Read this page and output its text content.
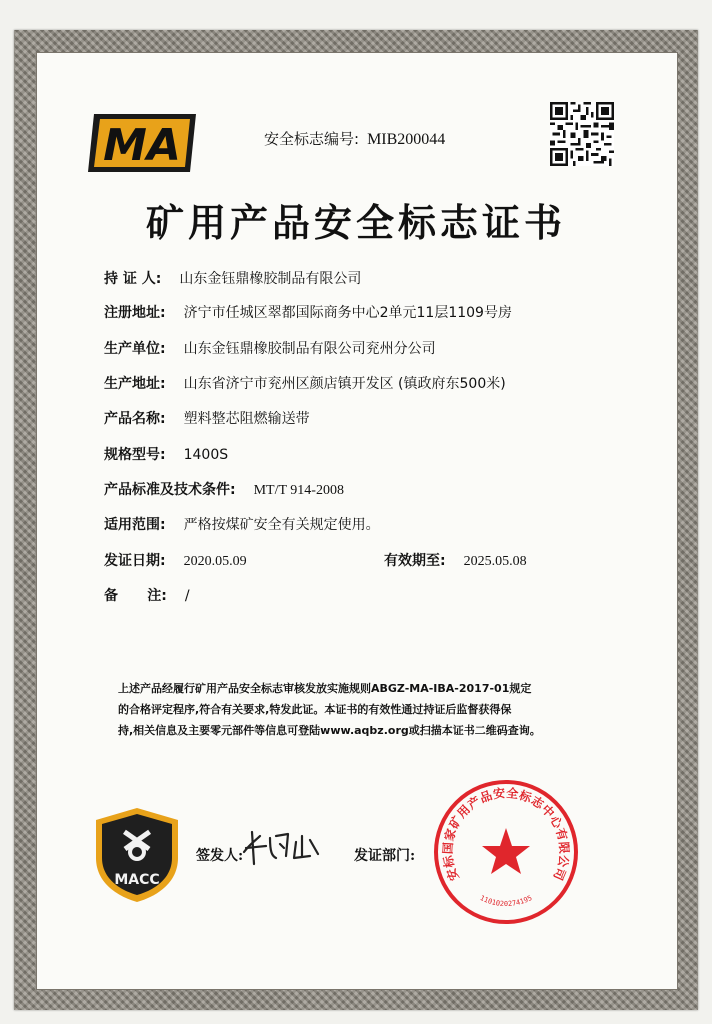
MA	安全标志编号: MIB200044
矿用产品安全标志证书
持 证 人: 山东金钰鼎橡胶制品有限公司
注册地址: 济宁市任城区翠都国际商务中心2单元11层1109号房
生产单位: 山东金钰鼎橡胶制品有限公司兖州分公司
生产地址: 山东省济宁市兖州区颜店镇开发区 (镇政府东500米)
产品名称: 塑料整芯阻燃输送带
规格型号: 1400S
产品标准及技术条件: MT/T 914-2008
适用范围: 严格按煤矿安全有关规定使用。
发证日期: 2020.05.09	有效期至: 2025.05.08
备      注: /

上述产品经履行矿用产品安全标志审核发放实施规则ABGZ-MA-IBA-2017-01规定

的合格评定程序,符合有关要求,特发此证。本证书的有效性通过持证后监督获得保

持,相关信息及主要零元部件等信息可登陆www.aqbz.org或扫描本证书二维码查询。

MACC
签发人:	发证部门:
安标国家矿用产品安全标志中心有限公司
1101020274195
